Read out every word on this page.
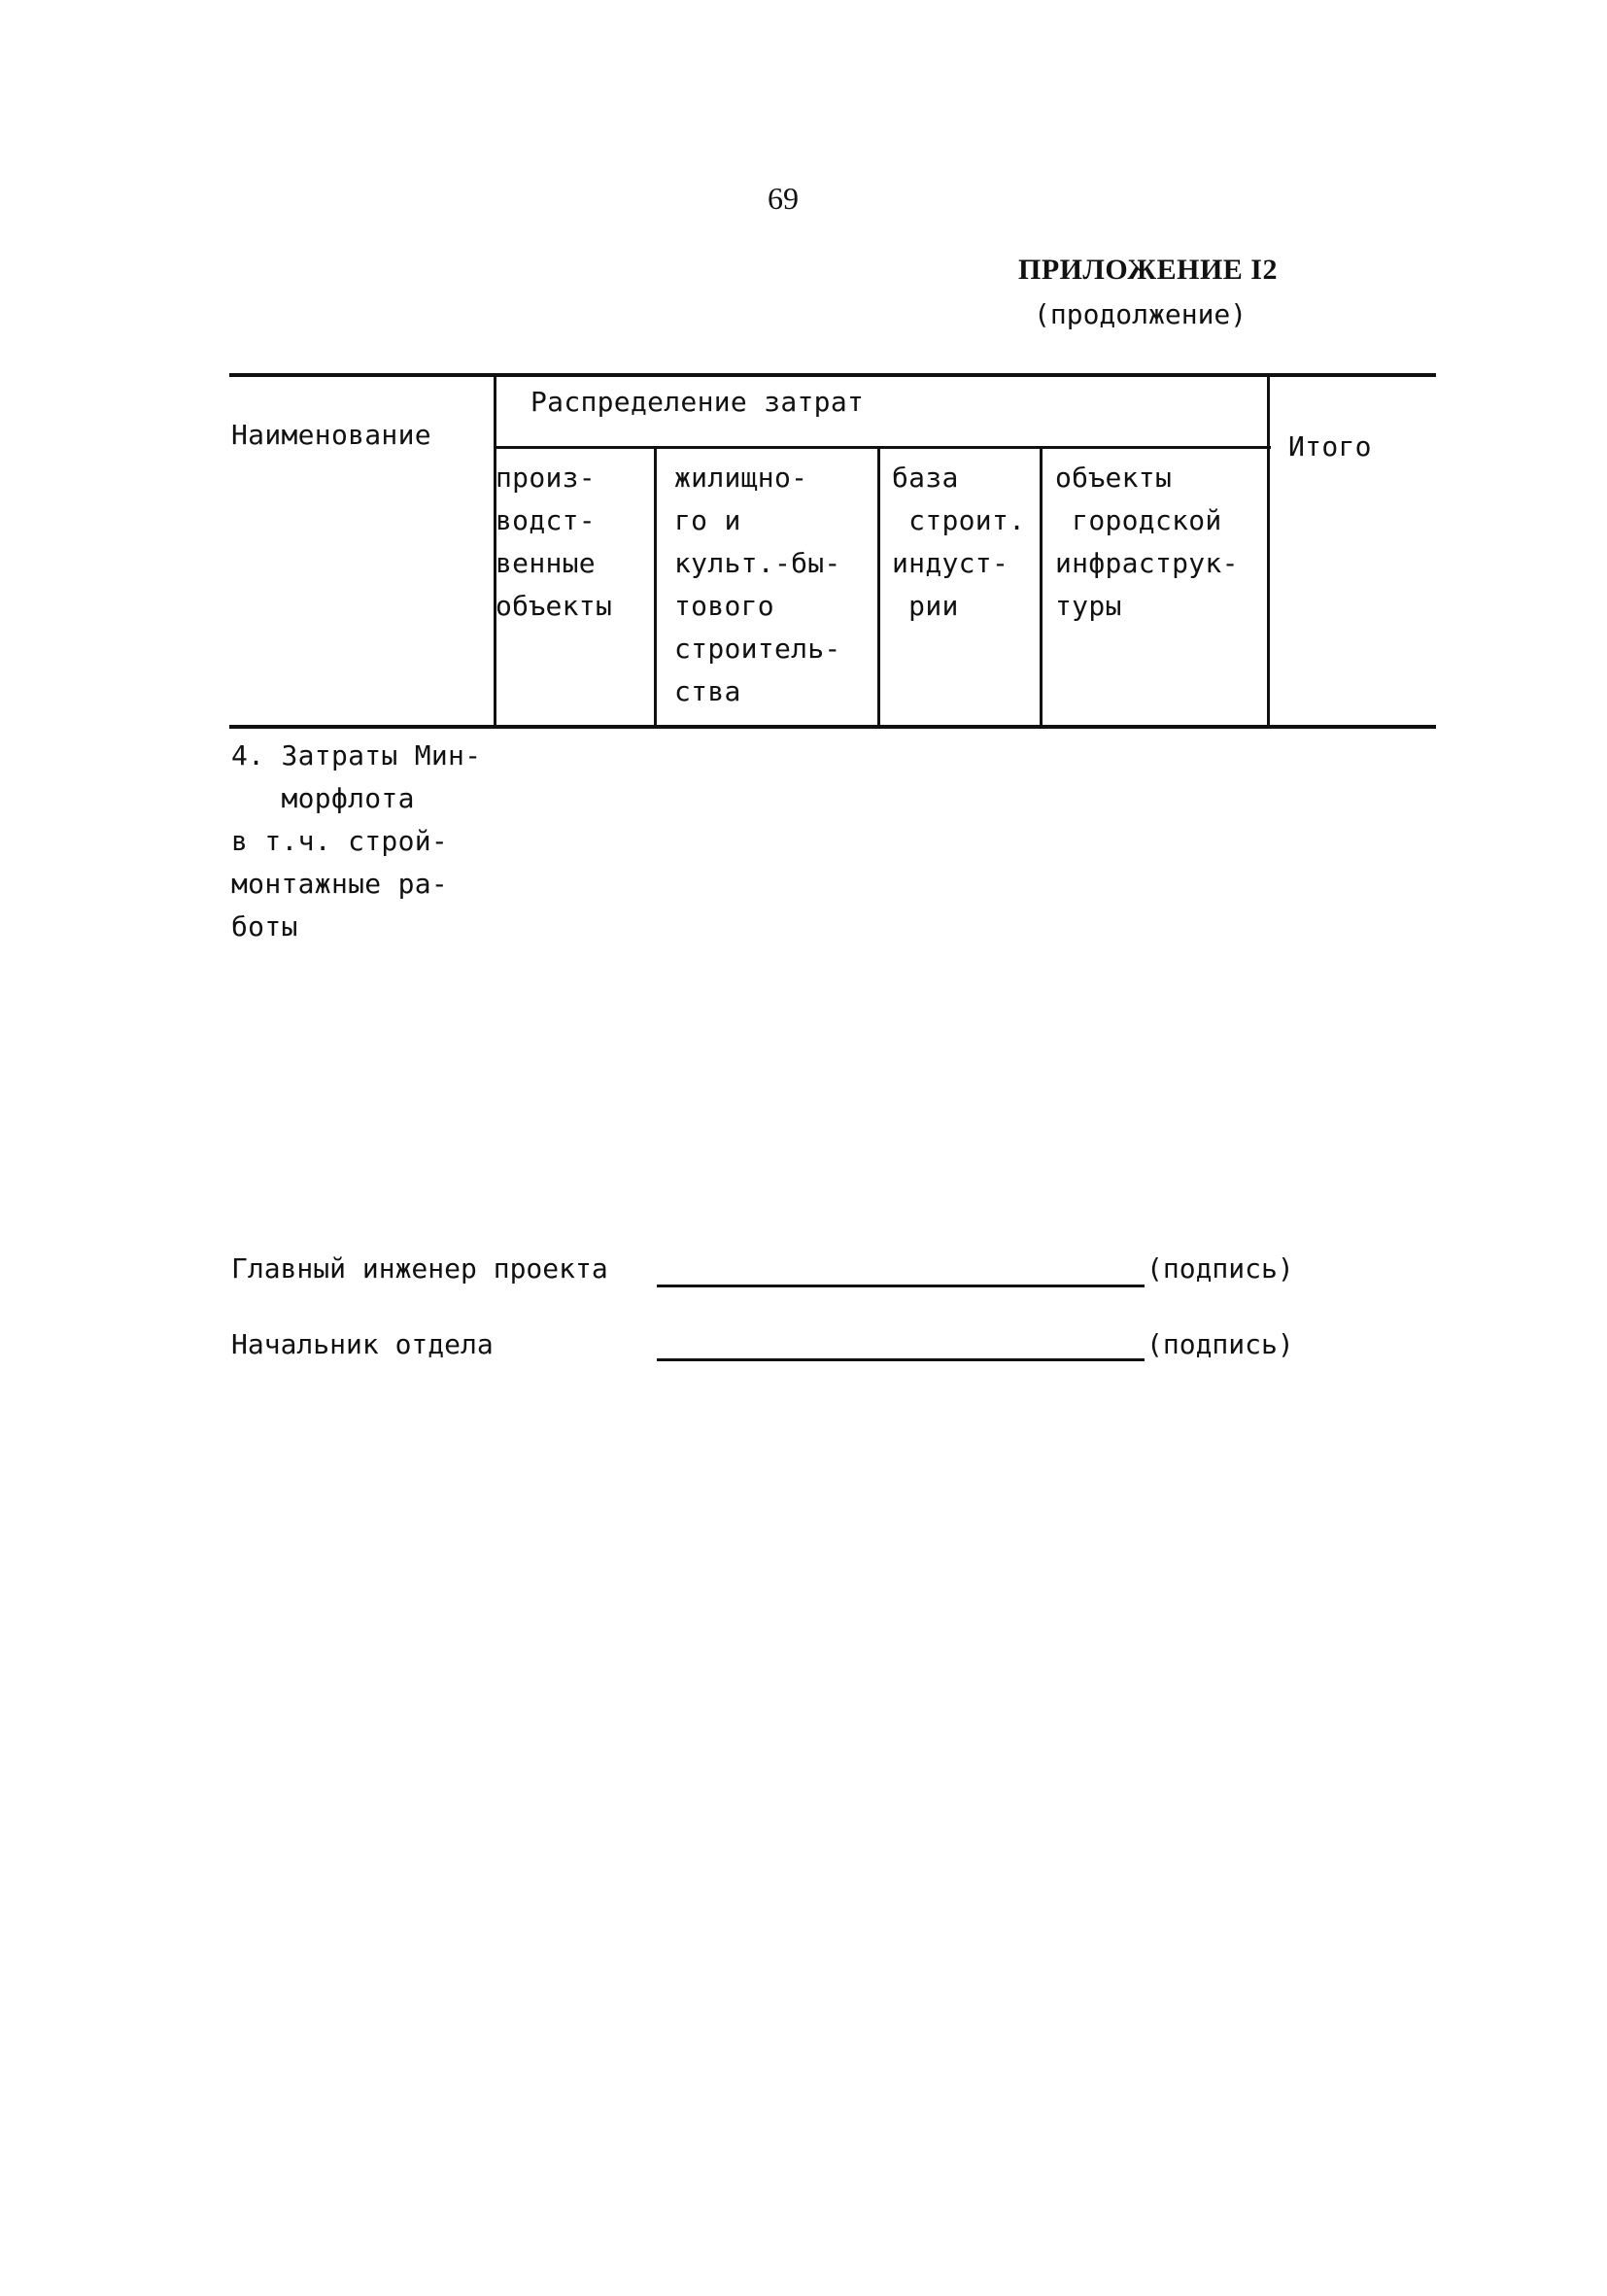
69
ПРИЛОЖЕНИЕ I2
(продолжение)
Наименование
Распределение затрат
Итого
произ-
водст-
венные
объекты
жилищно-
го и
культ.-бы-
тового
строитель-
ства
база
строит.
индуст-
рии
объекты
городской
инфраструк-
туры
4. Затраты Мин-
морфлота
в т.ч. строй-
монтажные ра-
боты
Главный инженер проекта	(подпись)
Начальник отдела	(подпись)
